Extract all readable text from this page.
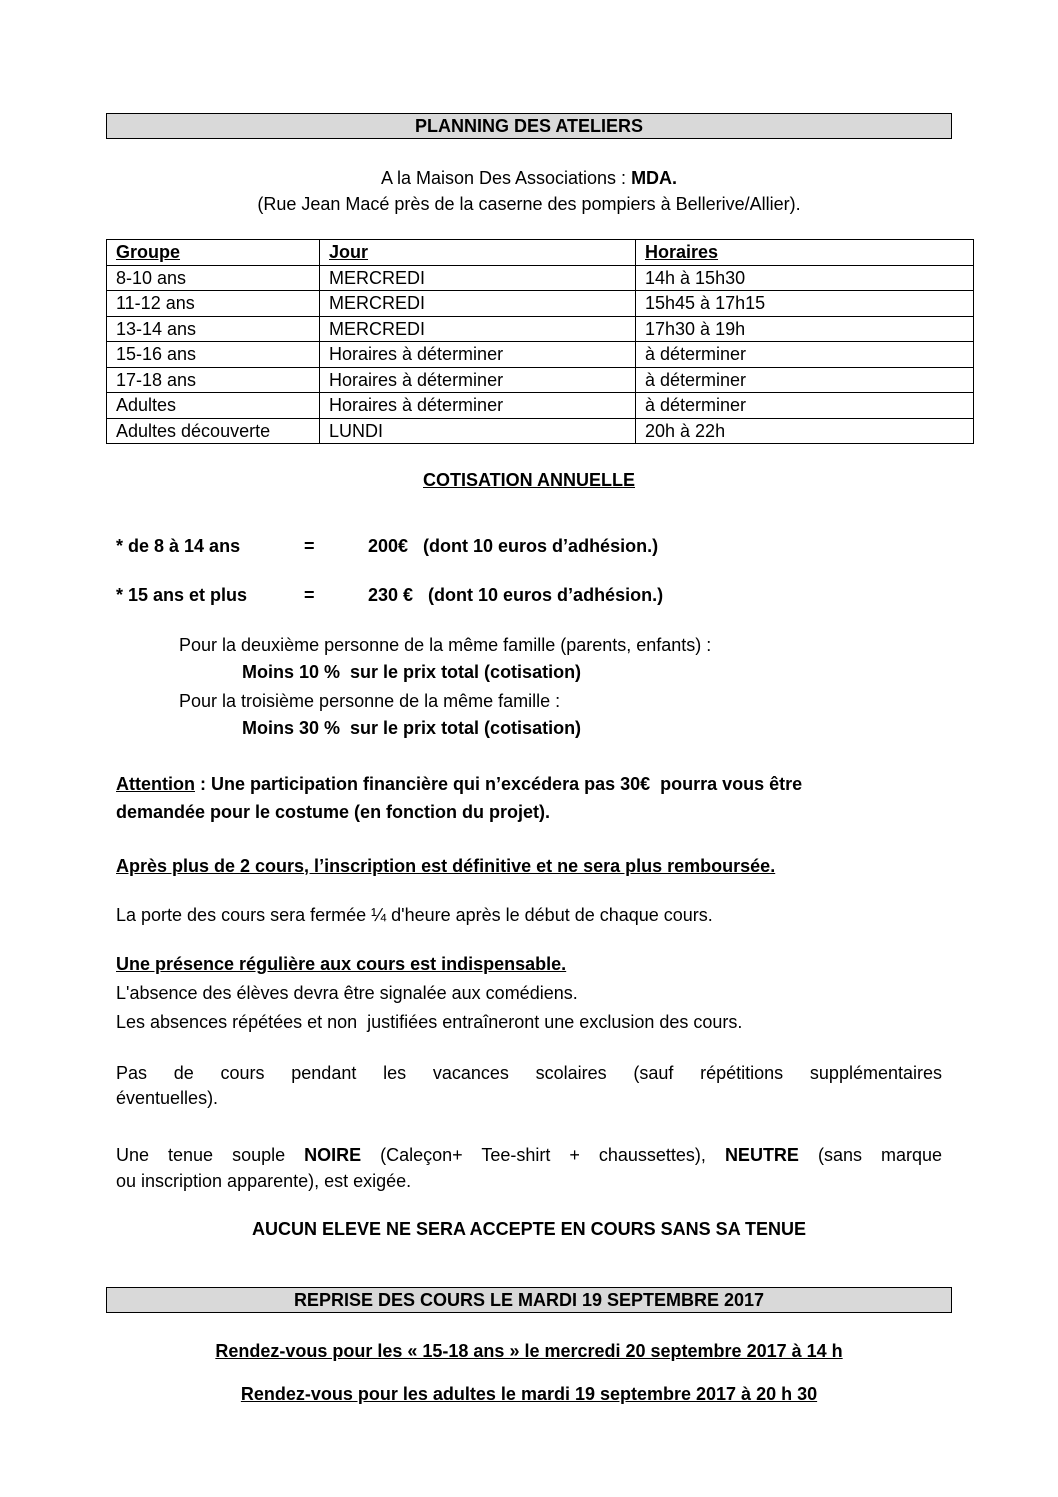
PLANNING DES ATELIERS
A la Maison Des Associations : MDA.
(Rue Jean Macé près de la caserne des pompiers à Bellerive/Allier).
Groupe	Jour	Horaires
8-10 ans	MERCREDI	14h à 15h30
11-12 ans	MERCREDI	15h45 à 17h15
13-14 ans	MERCREDI	17h30 à 19h
15-16 ans	Horaires à déterminer	à déterminer
17-18 ans	Horaires à déterminer	à déterminer
Adultes	Horaires à déterminer	à déterminer
Adultes découverte	LUNDI	20h à 22h
COTISATION ANNUELLE
* de 8 à 14 ans	=	200€   (dont 10 euros d’adhésion.)
* 15 ans et plus	=	230 €   (dont 10 euros d’adhésion.)
Pour la deuxième personne de la même famille (parents, enfants) :
Moins 10 %  sur le prix total (cotisation)
Pour la troisième personne de la même famille :
Moins 30 %  sur le prix total (cotisation)
Attention : Une participation financière qui n’excédera pas 30€  pourra vous être
demandée pour le costume (en fonction du projet).
Après plus de 2 cours, l’inscription est définitive et ne sera plus remboursée.
La porte des cours sera fermée ¼ d'heure après le début de chaque cours.
Une présence régulière aux cours est indispensable.
L'absence des élèves devra être signalée aux comédiens.
Les absences répétées et non  justifiées entraîneront une exclusion des cours.
Pas de cours pendant les vacances scolaires (sauf répétitions supplémentaires
éventuelles).
Une tenue souple NOIRE (Caleçon+ Tee-shirt + chaussettes), NEUTRE (sans marque
ou inscription apparente), est exigée.
AUCUN ELEVE NE SERA ACCEPTE EN COURS SANS SA TENUE
REPRISE DES COURS LE MARDI 19 SEPTEMBRE 2017
Rendez-vous pour les « 15-18 ans » le mercredi 20 septembre 2017 à 14 h
Rendez-vous pour les adultes le mardi 19 septembre 2017 à 20 h 30
